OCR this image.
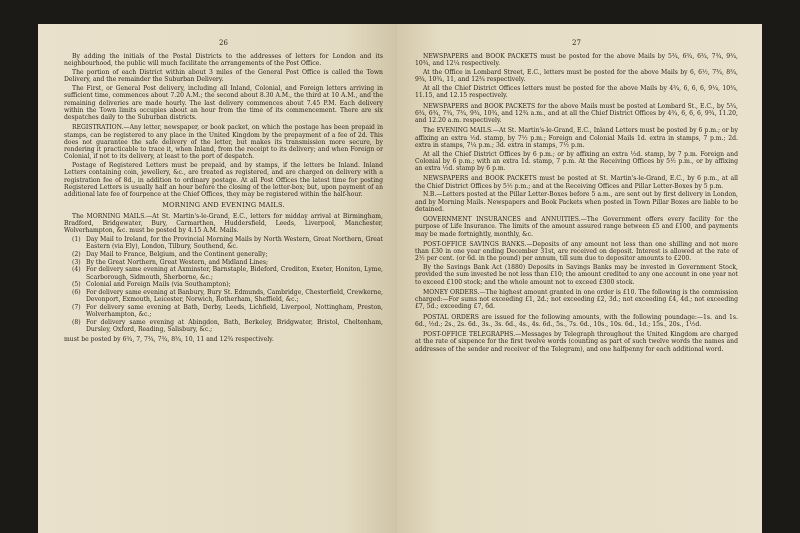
26

By adding the initials of the Postal Districts to the addresses of letters for London and its neighbourhood, the public will much facilitate the arrangements of the Post Office.

The portion of each District within about 3 miles of the General Post Office is called the Town Delivery, and the remainder the Suburban Delivery.

The First, or General Post delivery, including all Inland, Colonial, and Foreign letters arriving in sufficient time, commences about 7.20 A.M.; the second about 8.30 A.M., the third at 10 A.M., and the remaining deliveries are made hourly. The last delivery commences about 7.45 P.M. Each delivery within the Town limits occupies about an hour from the time of its commencement. There are six despatches daily to the Suburban districts.

REGISTRATION.—Any letter, newspaper, or book packet, on which the postage has been prepaid in stamps, can be registered to any place in the United Kingdom by the prepayment of a fee of 2d. This does not guarantee the safe delivery of the letter, but makes its transmission more secure, by rendering it practicable to trace it, when Inland, from the receipt to its delivery; and when Foreign or Colonial, if not to its delivery, at least to the port of despatch.

Postage of Registered Letters must be prepaid, and by stamps, if the letters be Inland. Inland Letters containing coin, jewellery, &c., are treated as registered, and are charged on delivery with a registration fee of 8d., in addition to ordinary postage. At all Post Offices the latest time for posting Registered Letters is usually half an hour before the closing of the letter-box; but, upon payment of an additional late fee of fourpence at the Chief Offices, they may be registered within the half-hour.

MORNING AND EVENING MAILS.

The MORNING MAILS.—At St. Martin's-le-Grand, E.C., letters for midday arrival at Birmingham, Bradford, Bridgewater, Bury, Carmarthen, Huddersfield, Leeds, Liverpool, Manchester, Wolverhampton, &c. must be posted by 4.15 A.M. Mails.

(1) Day Mail to Ireland, for the Provincial Morning Mails by North Western, Great Northern, Great Eastern (via Ely), London, Tilbury, Southend, &c.
(2) Day Mail to France, Belgium, and the Continent generally;
(3) By the Great Northern, Great Western, and Midland Lines;
(4) For delivery same evening at Axminster, Barnstaple, Bideford, Crediton, Exeter, Honiton, Lyme, Scarborough, Sidmouth, Sherborne, &c.;
(5) Colonial and Foreign Mails (via Southampton);
(6) For delivery same evening at Banbury, Bury St. Edmunds, Cambridge, Chesterfield, Crewkerne, Devonport, Exmouth, Leicester, Norwich, Rotherham, Sheffield, &c.;
(7) For delivery same evening at Bath, Derby, Leeds, Lichfield, Liverpool, Nottingham, Preston, Wolverhampton, &c.;
(8) For delivery same evening at Abingdon, Bath, Berkeley, Bridgwater, Bristol, Cheltenham, Dursley, Oxford, Reading, Salisbury, &c.;

must be posted by 6¾, 7, 7¾, 7¾, 8¾, 10, 11 and 12¾ respectively.

27

NEWSPAPERS and BOOK PACKETS must be posted for the above Mails by 5¾, 6¾, 6¾, 7¾, 9¾, 10¾, and 12¼ respectively.

At the Office in Lombard Street, E.C., letters must be posted for the above Mails by 6, 6½, 7¾, 8¾, 9¾, 10¾, 11, and 12¾ respectively.

At all the Chief District Offices letters must be posted for the above Mails by 4¾, 6, 6, 6, 9¼, 10¾, 11.15, and 12.15 respectively.

NEWSPAPERS and BOOK PACKETS for the above Mails must be posted at Lombard St., E.C., by 5¾, 6¾, 6¾, 7¾, 7¾, 9¾, 10¾, and 12¾ a.m., and at all the Chief District Offices by 4¾, 6, 6, 6, 9¾, 11.20, and 12.20 a.m. respectively.

The EVENING MAILS.—At St. Martin's-le-Grand, E.C., Inland Letters must be posted by 6 p.m.; or by affixing an extra ½d. stamp, by 7½ p.m.; Foreign and Colonial Mails 1d. extra in stamps, 7 p.m.; 2d. extra in stamps, 7¼ p.m.; 3d. extra in stamps, 7½ p.m.

At all the Chief District Offices by 6 p.m.; or by affixing an extra ½d. stamp, by 7 p.m. Foreign and Colonial by 6 p.m.; with an extra 1d. stamp, 7 p.m. At the Receiving Offices by 5½ p.m., or by affixing an extra ½d. stamp by 6 p.m.

NEWSPAPERS and BOOK PACKETS must be posted at St. Martin's-le-Grand, E.C., by 6 p.m., at all the Chief District Offices by 5½ p.m.; and at the Receiving Offices and Pillar Letter-Boxes by 5 p.m.

N.B.—Letters posted at the Pillar Letter-Boxes before 5 a.m., are sent out by first delivery in London, and by Morning Mails. Newspapers and Book Packets when posted in Town Pillar Boxes are liable to be detained.

GOVERNMENT INSURANCES and ANNUITIES.—The Government offers every facility for the purpose of Life Insurance. The limits of the amount assured range between £5 and £100, and payments may be made fortnightly, monthly, &c.

POST-OFFICE SAVINGS BANKS.—Deposits of any amount not less than one shilling and not more than £30 in one year ending December 31st, are received on deposit. Interest is allowed at the rate of 2½ per cent. (or 6d. in the pound) per annum, till sum due to depositor amounts to £200.

By the Savings Bank Act (1880) Deposits in Savings Banks may be invested in Government Stock, provided the sum invested be not less than £10; the amount credited to any one account in one year not to exceed £100 stock; and the whole amount not to exceed £300 stock.

MONEY ORDERS.—The highest amount granted in one order is £10. The following is the commission charged:—For sums not exceeding £1, 2d.; not exceeding £2, 3d.; not exceeding £4, 4d.; not exceeding £7, 5d.; exceeding £7, 6d.

POSTAL ORDERS are issued for the following amounts, with the following poundage:—1s. and 1s. 6d., ½d.; 2s., 2s. 6d., 3s., 3s. 6d., 4s., 4s. 6d., 5s., 7s. 6d., 10s., 10s. 6d., 1d.; 15s., 20s., 1½d.

POST-OFFICE TELEGRAPHS.—Messages by Telegraph throughout the United Kingdom are charged at the rate of sixpence for the first twelve words (counting as part of such twelve words the names and addresses of the sender and receiver of the Telegram), and one halfpenny for each additional word.
